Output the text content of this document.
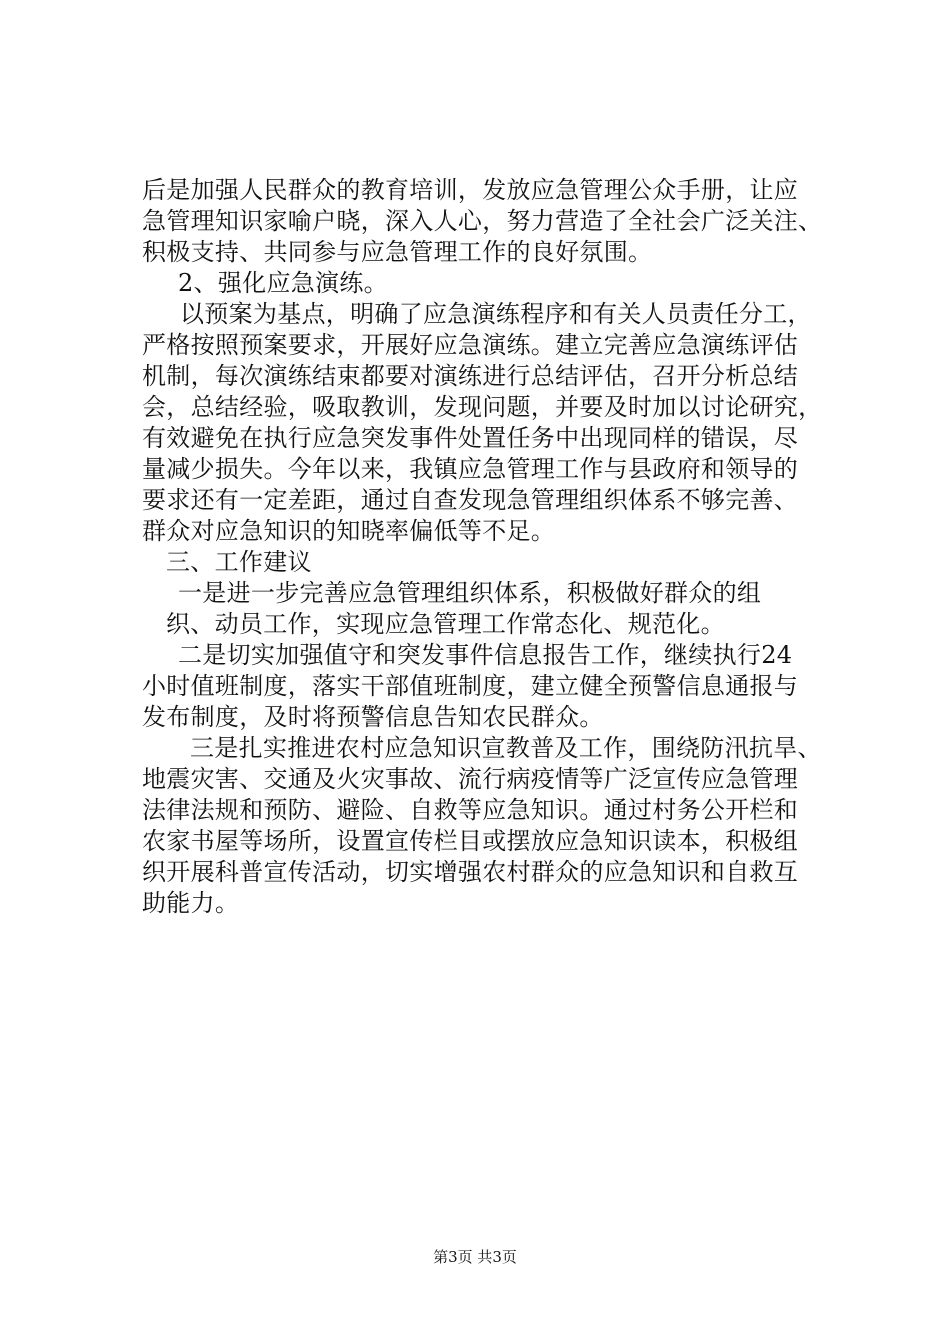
后是加强人民群众的教育培训，发放应急管理公众手册，让应
急管理知识家喻户晓，深入人心，努力营造了全社会广泛关注、
积极支持、共同参与应急管理工作的良好氛围。
2、强化应急演练。
以预案为基点，明确了应急演练程序和有关人员责任分工，
严格按照预案要求，开展好应急演练。建立完善应急演练评估
机制，每次演练结束都要对演练进行总结评估，召开分析总结
会，总结经验，吸取教训，发现问题，并要及时加以讨论研究，
有效避免在执行应急突发事件处置任务中出现同样的错误，尽
量减少损失。今年以来，我镇应急管理工作与县政府和领导的
要求还有一定差距，通过自查发现急管理组织体系不够完善、
群众对应急知识的知晓率偏低等不足。
三、工作建议
一是进一步完善应急管理组织体系，积极做好群众的组
织、动员工作，实现应急管理工作常态化、规范化。
二是切实加强值守和突发事件信息报告工作，继续执行24
小时值班制度，落实干部值班制度，建立健全预警信息通报与
发布制度，及时将预警信息告知农民群众。
三是扎实推进农村应急知识宣教普及工作，围绕防汛抗旱、
地震灾害、交通及火灾事故、流行病疫情等广泛宣传应急管理
法律法规和预防、避险、自救等应急知识。通过村务公开栏和
农家书屋等场所，设置宣传栏目或摆放应急知识读本，积极组
织开展科普宣传活动，切实增强农村群众的应急知识和自救互
助能力。
第3页 共3页
